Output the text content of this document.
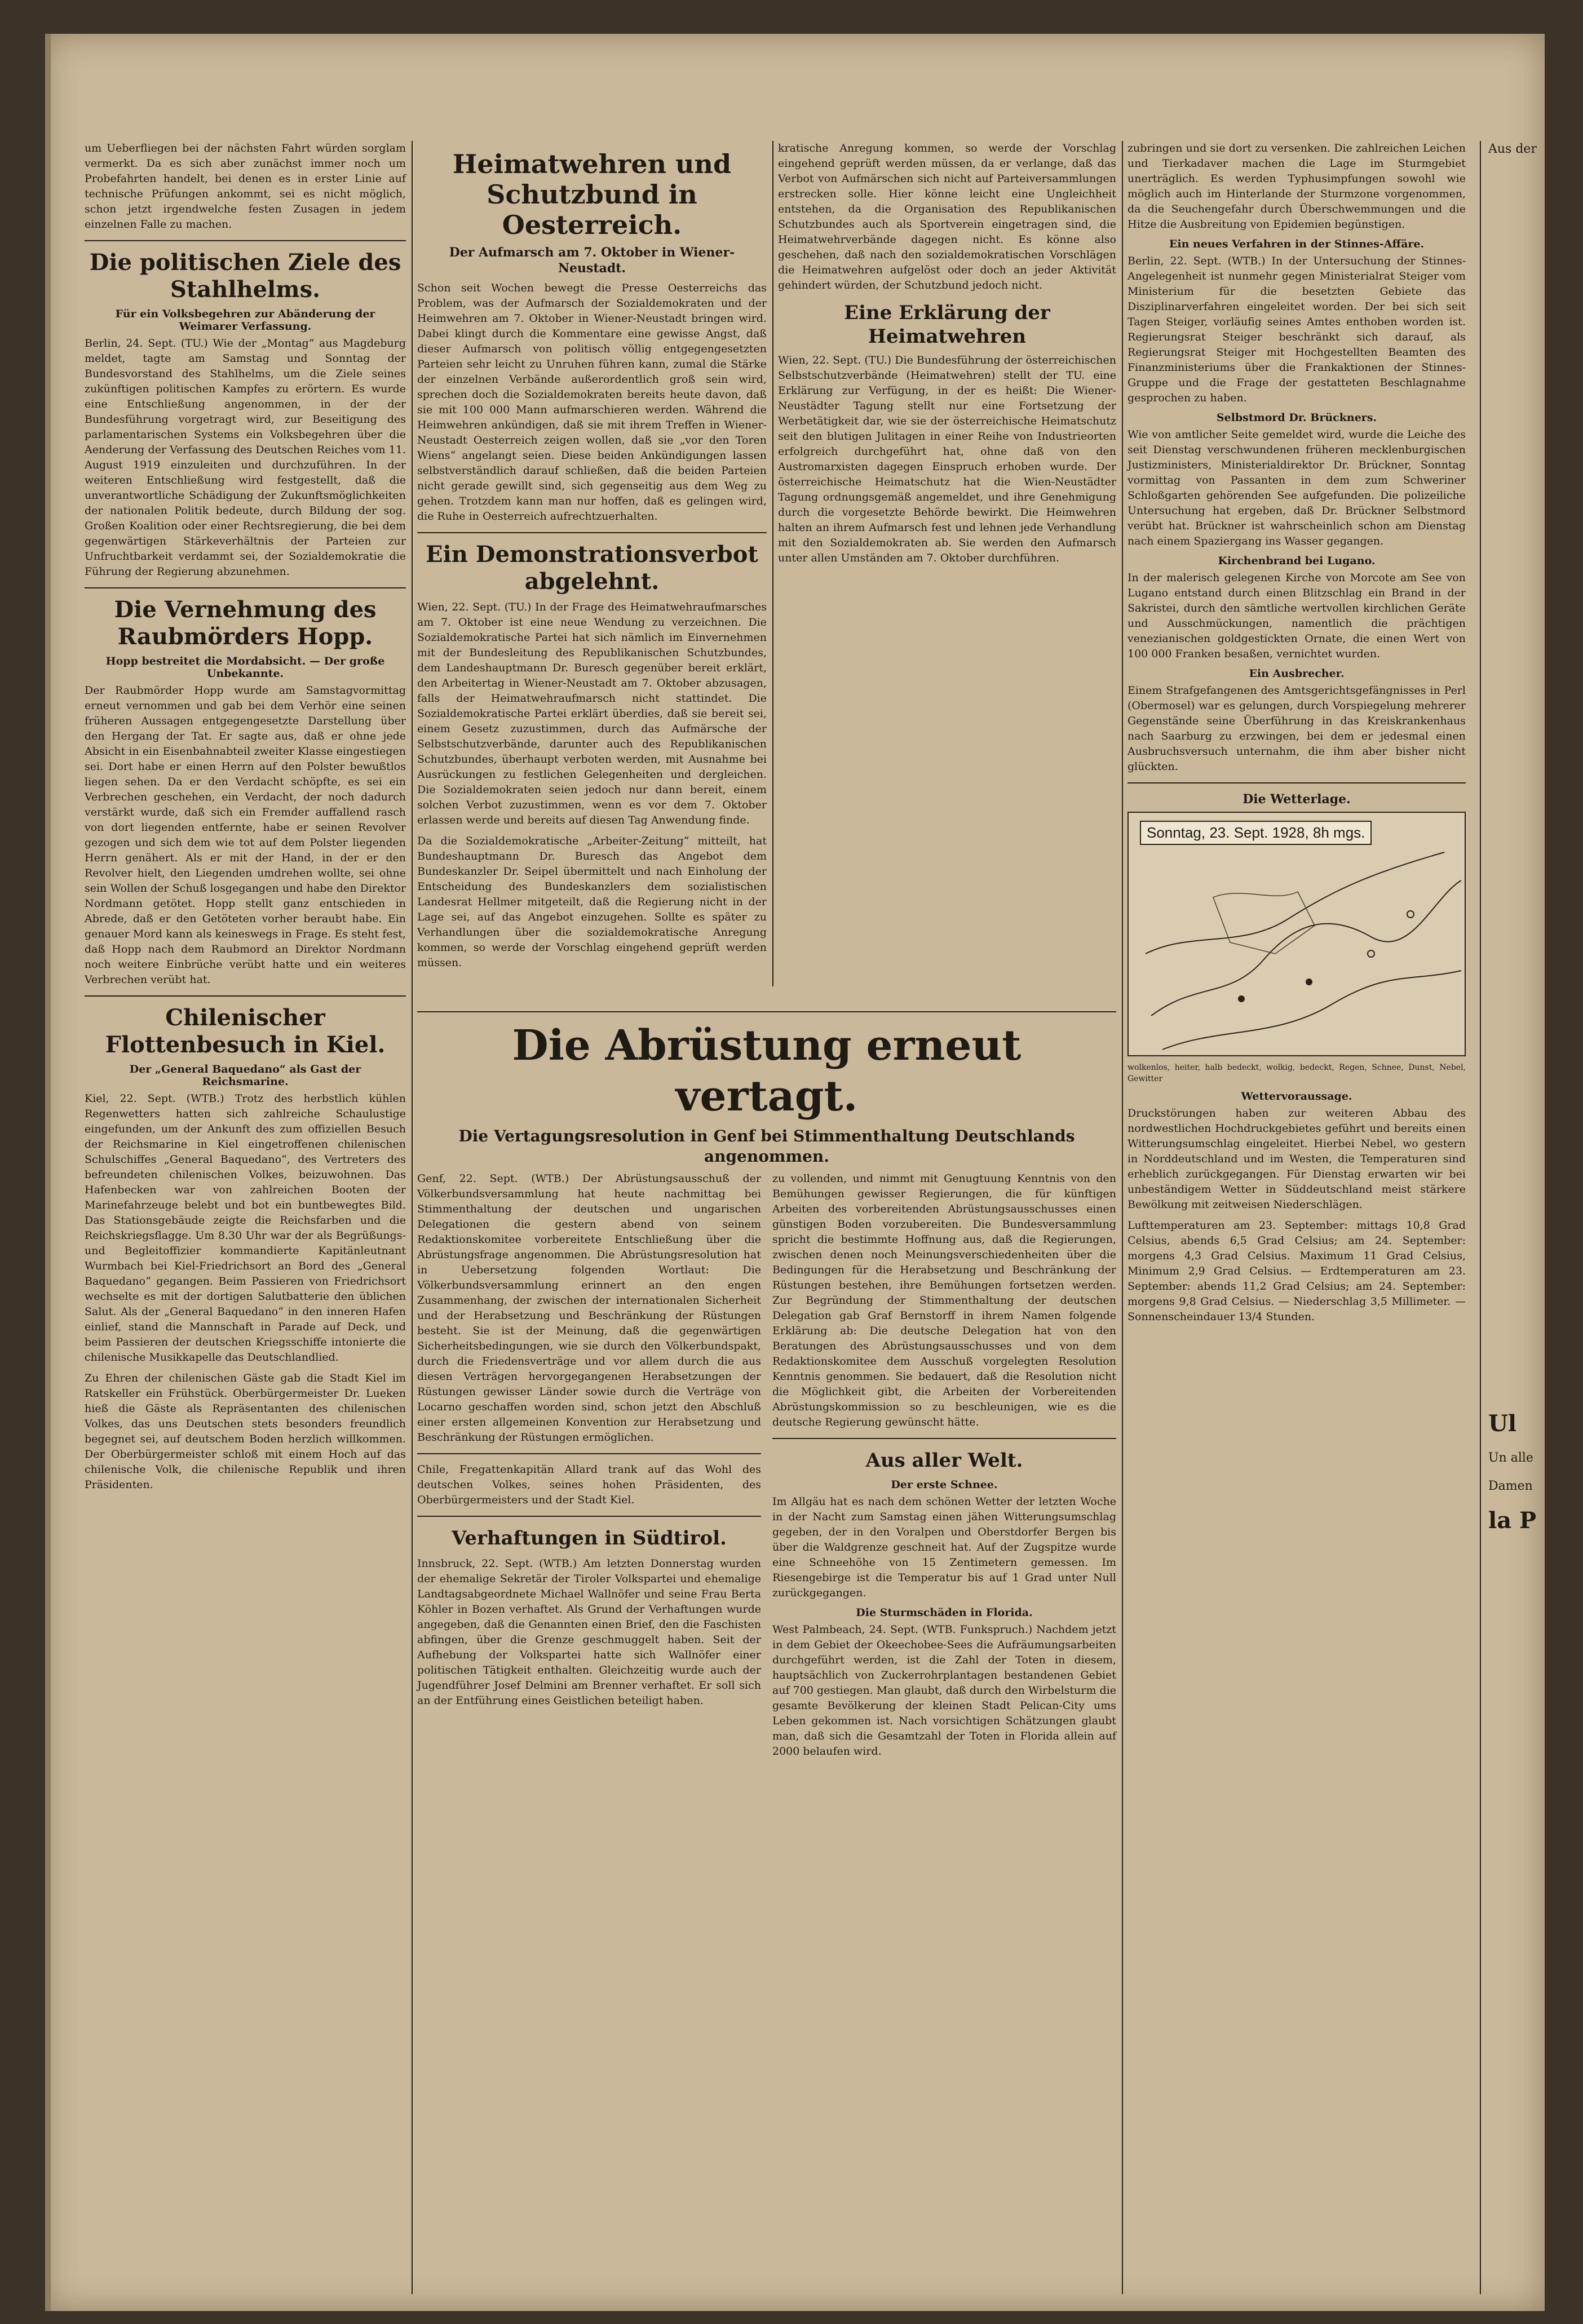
um Ueberfliegen bei der nächsten Fahrt würden sorglam vermerkt. Da es sich aber zunächst immer noch um Probefahrten handelt, bei denen es in erster Linie auf technische Prüfungen ankommt, sei es nicht möglich, schon jetzt irgendwelche festen Zusagen in jedem einzelnen Falle zu machen.

Die politischen Ziele des Stahlhelms.
Für ein Volksbegehren zur Abänderung der Weimarer Verfassung.

Berlin, 24. Sept. (TU.) Wie der „Montag“ aus Magdeburg meldet, tagte am Samstag und Sonntag der Bundesvorstand des Stahlhelms, um die Ziele seines zukünftigen politischen Kampfes zu erörtern. Es wurde eine Entschließung angenommen, in der der Bundesführung vorgetragt wird, zur Beseitigung des parlamentarischen Systems ein Volksbegehren über die Aenderung der Verfassung des Deutschen Reiches vom 11. August 1919 einzuleiten und durchzuführen. In der weiteren Entschließung wird festgestellt, daß die unverantwortliche Schädigung der Zukunftsmöglichkeiten der nationalen Politik bedeute, durch Bildung der sog. Großen Koalition oder einer Rechtsregierung, die bei dem gegenwärtigen Stärkeverhältnis der Parteien zur Unfruchtbarkeit verdammt sei, der Sozialdemokratie die Führung der Regierung abzunehmen.

Die Vernehmung des Raubmörders Hopp.
Hopp bestreitet die Mordabsicht. — Der große Unbekannte.

Der Raubmörder Hopp wurde am Samstagvormittag erneut vernommen und gab bei dem Verhör eine seinen früheren Aussagen entgegengesetzte Darstellung über den Hergang der Tat. Er sagte aus, daß er ohne jede Absicht in ein Eisenbahnabteil zweiter Klasse eingestiegen sei. Dort habe er einen Herrn auf den Polster bewußtlos liegen sehen. Da er den Verdacht schöpfte, es sei ein Verbrechen geschehen, ein Verdacht, der noch dadurch verstärkt wurde, daß sich ein Fremder auffallend rasch von dort liegenden entfernte, habe er seinen Revolver gezogen und sich dem wie tot auf dem Polster liegenden Herrn genähert. Als er mit der Hand, in der er den Revolver hielt, den Liegenden umdrehen wollte, sei ohne sein Wollen der Schuß losgegangen und habe den Direktor Nordmann getötet. Hopp stellt ganz entschieden in Abrede, daß er den Getöteten vorher beraubt habe. Ein genauer Mord kann als keineswegs in Frage. Es steht fest, daß Hopp nach dem Raubmord an Direktor Nordmann noch weitere Einbrüche verübt hatte und ein weiteres Verbrechen verübt hat.

Chilenischer Flottenbesuch in Kiel.
Der „General Baquedano“ als Gast der Reichsmarine.

Kiel, 22. Sept. (WTB.) Trotz des herbstlich kühlen Regenwetters hatten sich zahlreiche Schaulustige eingefunden, um der Ankunft des zum offiziellen Besuch der Reichsmarine in Kiel eingetroffenen chilenischen Schulschiffes „General Baquedano“, des Vertreters des befreundeten chilenischen Volkes, beizuwohnen. Das Hafenbecken war von zahlreichen Booten der Marinefahrzeuge belebt und bot ein buntbewegtes Bild. Das Stationsgebäude zeigte die Reichsfarben und die Reichskriegsflagge. Um 8.30 Uhr war der als Begrüßungs- und Begleitoffizier kommandierte Kapitänleutnant Wurmbach bei Kiel-Friedrichsort an Bord des „General Baquedano“ gegangen. Beim Passieren von Friedrichsort wechselte es mit der dortigen Salutbatterie den üblichen Salut. Als der „General Baquedano“ in den inneren Hafen einlief, stand die Mannschaft in Parade auf Deck, und beim Passieren der deutschen Kriegsschiffe intonierte die chilenische Musikkapelle das Deutschlandlied.

Zu Ehren der chilenischen Gäste gab die Stadt Kiel im Ratskeller ein Frühstück. Oberbürgermeister Dr. Lueken hieß die Gäste als Repräsentanten des chilenischen Volkes, das uns Deutschen stets besonders freundlich begegnet sei, auf deutschem Boden herzlich willkommen. Der Oberbürgermeister schloß mit einem Hoch auf das chilenische Volk, die chilenische Republik und ihren Präsidenten.

Heimatwehren und Schutzbund in Oesterreich.
Der Aufmarsch am 7. Oktober in Wiener-Neustadt.

Schon seit Wochen bewegt die Presse Oesterreichs das Problem, was der Aufmarsch der Sozialdemokraten und der Heimwehren am 7. Oktober in Wiener-Neustadt bringen wird. Dabei klingt durch die Kommentare eine gewisse Angst, daß dieser Aufmarsch von politisch völlig entgegengesetzten Parteien sehr leicht zu Unruhen führen kann, zumal die Stärke der einzelnen Verbände außerordentlich groß sein wird, sprechen doch die Sozialdemokraten bereits heute davon, daß sie mit 100 000 Mann aufmarschieren werden. Während die Heimwehren ankündigen, daß sie mit ihrem Treffen in Wiener-Neustadt Oesterreich zeigen wollen, daß sie „vor den Toren Wiens“ angelangt seien. Diese beiden Ankündigungen lassen selbstverständlich darauf schließen, daß die beiden Parteien nicht gerade gewillt sind, sich gegenseitig aus dem Weg zu gehen. Trotzdem kann man nur hoffen, daß es gelingen wird, die Ruhe in Oesterreich aufrechtzuerhalten.

Ein Demonstrationsverbot abgelehnt.

Wien, 22. Sept. (TU.) In der Frage des Heimatwehraufmarsches am 7. Oktober ist eine neue Wendung zu verzeichnen. Die Sozialdemokratische Partei hat sich nämlich im Einvernehmen mit der Bundesleitung des Republikanischen Schutzbundes, dem Landeshauptmann Dr. Buresch gegenüber bereit erklärt, den Arbeitertag in Wiener-Neustadt am 7. Oktober abzusagen, falls der Heimatwehraufmarsch nicht stattindet. Die Sozialdemokratische Partei erklärt überdies, daß sie bereit sei, einem Gesetz zuzustimmen, durch das Aufmärsche der Selbstschutzverbände, darunter auch des Republikanischen Schutzbundes, überhaupt verboten werden, mit Ausnahme bei Ausrückungen zu festlichen Gelegenheiten und dergleichen. Die Sozialdemokraten seien jedoch nur dann bereit, einem solchen Verbot zuzustimmen, wenn es vor dem 7. Oktober erlassen werde und bereits auf diesen Tag Anwendung finde.

Da die Sozialdemokratische „Arbeiter-Zeitung“ mitteilt, hat Bundeshauptmann Dr. Buresch das Angebot dem Bundeskanzler Dr. Seipel übermittelt und nach Einholung der Entscheidung des Bundeskanzlers dem sozialistischen Landesrat Hellmer mitgeteilt, daß die Regierung nicht in der Lage sei, auf das Angebot einzugehen. Sollte es später zu Verhandlungen über die sozialdemokratische Anregung kommen, so werde der Vorschlag eingehend geprüft werden müssen.

kratische Anregung kommen, so werde der Vorschlag eingehend geprüft werden müssen, da er verlange, daß das Verbot von Aufmärschen sich nicht auf Parteiversammlungen erstrecken solle. Hier könne leicht eine Ungleichheit entstehen, da die Organisation des Republikanischen Schutzbundes auch als Sportverein eingetragen sind, die Heimatwehrverbände dagegen nicht. Es könne also geschehen, daß nach den sozialdemokratischen Vorschlägen die Heimatwehren aufgelöst oder doch an jeder Aktivität gehindert würden, der Schutzbund jedoch nicht.

Eine Erklärung der Heimatwehren

Wien, 22. Sept. (TU.) Die Bundesführung der österreichischen Selbstschutzverbände (Heimatwehren) stellt der TU. eine Erklärung zur Verfügung, in der es heißt: Die Wiener-Neustädter Tagung stellt nur eine Fortsetzung der Werbetätigkeit dar, wie sie der österreichische Heimatschutz seit den blutigen Julitagen in einer Reihe von Industrieorten erfolgreich durchgeführt hat, ohne daß von den Austromarxisten dagegen Einspruch erhoben wurde. Der österreichische Heimatschutz hat die Wien-Neustädter Tagung ordnungsgemäß angemeldet, und ihre Genehmigung durch die vorgesetzte Behörde bewirkt. Die Heimwehren halten an ihrem Aufmarsch fest und lehnen jede Verhandlung mit den Sozialdemokraten ab. Sie werden den Aufmarsch unter allen Umständen am 7. Oktober durchführen.

Die Abrüstung erneut vertagt.
Die Vertagungsresolution in Genf bei Stimmenthaltung Deutschlands angenommen.

Genf, 22. Sept. (WTB.) Der Abrüstungsausschuß der Völkerbundsversammlung hat heute nachmittag bei Stimmenthaltung der deutschen und ungarischen Delegationen die gestern abend von seinem Redaktionskomitee vorbereitete Entschließung über die Abrüstungsfrage angenommen. Die Abrüstungsresolution hat in Uebersetzung folgenden Wortlaut: Die Völkerbundsversammlung erinnert an den engen Zusammenhang, der zwischen der internationalen Sicherheit und der Herabsetzung und Beschränkung der Rüstungen besteht. Sie ist der Meinung, daß die gegenwärtigen Sicherheitsbedingungen, wie sie durch den Völkerbundspakt, durch die Friedensverträge und vor allem durch die aus diesen Verträgen hervorgegangenen Herabsetzungen der Rüstungen gewisser Länder sowie durch die Verträge von Locarno geschaffen worden sind, schon jetzt den Abschluß einer ersten allgemeinen Konvention zur Herabsetzung und Beschränkung der Rüstungen ermöglichen.

Chile, Fregattenkapitän Allard trank auf das Wohl des deutschen Volkes, seines hohen Präsidenten, des Oberbürgermeisters und der Stadt Kiel.

Verhaftungen in Südtirol.

Innsbruck, 22. Sept. (WTB.) Am letzten Donnerstag wurden der ehemalige Sekretär der Tiroler Volkspartei und ehemalige Landtagsabgeordnete Michael Wallnöfer und seine Frau Berta Köhler in Bozen verhaftet. Als Grund der Verhaftungen wurde angegeben, daß die Genannten einen Brief, den die Faschisten abfingen, über die Grenze geschmuggelt haben. Seit der Aufhebung der Volkspartei hatte sich Wallnöfer einer politischen Tätigkeit enthalten. Gleichzeitig wurde auch der Jugendführer Josef Delmini am Brenner verhaftet. Er soll sich an der Entführung eines Geistlichen beteiligt haben.

zu vollenden, und nimmt mit Genugtuung Kenntnis von den Bemühungen gewisser Regierungen, die für künftigen Arbeiten des vorbereitenden Abrüstungsausschusses einen günstigen Boden vorzubereiten. Die Bundesversammlung spricht die bestimmte Hoffnung aus, daß die Regierungen, zwischen denen noch Meinungsverschiedenheiten über die Bedingungen für die Herabsetzung und Beschränkung der Rüstungen bestehen, ihre Bemühungen fortsetzen werden. Zur Begründung der Stimmenthaltung der deutschen Delegation gab Graf Bernstorff in ihrem Namen folgende Erklärung ab: Die deutsche Delegation hat von den Beratungen des Abrüstungsausschusses und von dem Redaktionskomitee dem Ausschuß vorgelegten Resolution Kenntnis genommen. Sie bedauert, daß die Resolution nicht die Möglichkeit gibt, die Arbeiten der Vorbereitenden Abrüstungskommission so zu beschleunigen, wie es die deutsche Regierung gewünscht hätte.

Aus aller Welt.
Der erste Schnee.

Im Allgäu hat es nach dem schönen Wetter der letzten Woche in der Nacht zum Samstag einen jähen Witterungsumschlag gegeben, der in den Voralpen und Oberstdorfer Bergen bis über die Waldgrenze geschneit hat. Auf der Zugspitze wurde eine Schneehöhe von 15 Zentimetern gemessen. Im Riesengebirge ist die Temperatur bis auf 1 Grad unter Null zurückgegangen.

Die Sturmschäden in Florida.

West Palmbeach, 24. Sept. (WTB. Funkspruch.) Nachdem jetzt in dem Gebiet der Okeechobee-Sees die Aufräumungsarbeiten durchgeführt werden, ist die Zahl der Toten in diesem, hauptsächlich von Zuckerrohrplantagen bestandenen Gebiet auf 700 gestiegen. Man glaubt, daß durch den Wirbelsturm die gesamte Bevölkerung der kleinen Stadt Pelican-City ums Leben gekommen ist. Nach vorsichtigen Schätzungen glaubt man, daß sich die Gesamtzahl der Toten in Florida allein auf 2000 belaufen wird.

zubringen und sie dort zu versenken. Die zahlreichen Leichen und Tierkadaver machen die Lage im Sturmgebiet unerträglich. Es werden Typhusimpfungen sowohl wie möglich auch im Hinterlande der Sturmzone vorgenommen, da die Seuchengefahr durch Überschwemmungen und die Hitze die Ausbreitung von Epidemien begünstigen.

Ein neues Verfahren in der Stinnes-Affäre.

Berlin, 22. Sept. (WTB.) In der Untersuchung der Stinnes-Angelegenheit ist nunmehr gegen Ministerialrat Steiger vom Ministerium für die besetzten Gebiete das Disziplinarverfahren eingeleitet worden. Der bei sich seit Tagen Steiger, vorläufig seines Amtes enthoben worden ist. Regierungsrat Steiger beschränkt sich darauf, als Regierungsrat Steiger mit Hochgestellten Beamten des Finanzministeriums über die Frankaktionen der Stinnes-Gruppe und die Frage der gestatteten Beschlagnahme gesprochen zu haben.

Selbstmord Dr. Brückners.

Wie von amtlicher Seite gemeldet wird, wurde die Leiche des seit Dienstag verschwundenen früheren mecklenburgischen Justizministers, Ministerialdirektor Dr. Brückner, Sonntag vormittag von Passanten in dem zum Schweriner Schloßgarten gehörenden See aufgefunden. Die polizeiliche Untersuchung hat ergeben, daß Dr. Brückner Selbstmord verübt hat. Brückner ist wahrscheinlich schon am Dienstag nach einem Spaziergang ins Wasser gegangen.

Kirchenbrand bei Lugano.

In der malerisch gelegenen Kirche von Morcote am See von Lugano entstand durch einen Blitzschlag ein Brand in der Sakristei, durch den sämtliche wertvollen kirchlichen Geräte und Ausschmückungen, namentlich die prächtigen venezianischen goldgestickten Ornate, die einen Wert von 100 000 Franken besaßen, vernichtet wurden.

Ein Ausbrecher.

Einem Strafgefangenen des Amtsgerichtsgefängnisses in Perl (Obermosel) war es gelungen, durch Vorspiegelung mehrerer Gegenstände seine Überführung in das Kreiskrankenhaus nach Saarburg zu erzwingen, bei dem er jedesmal einen Ausbruchsversuch unternahm, die ihm aber bisher nicht glückten.

Die Wetterlage.
Sonntag, 23. Sept. 1928, 8h mgs.

wolkenlos, heiter, halb bedeckt, wolkig, bedeckt, Regen, Schnee, Dunst, Nebel, Gewitter

Wettervoraussage.

Druckstörungen haben zur weiteren Abbau des nordwestlichen Hochdruckgebietes geführt und bereits einen Witterungsumschlag eingeleitet. Hierbei Nebel, wo gestern in Norddeutschland und im Westen, die Temperaturen sind erheblich zurückgegangen. Für Dienstag erwarten wir bei unbeständigem Wetter in Süddeutschland meist stärkere Bewölkung mit zeitweisen Niederschlägen.

Lufttemperaturen am 23. September: mittags 10,8 Grad Celsius, abends 6,5 Grad Celsius; am 24. September: morgens 4,3 Grad Celsius. Maximum 11 Grad Celsius, Minimum 2,9 Grad Celsius. — Erdtemperaturen am 23. September: abends 11,2 Grad Celsius; am 24. September: morgens 9,8 Grad Celsius. — Niederschlag 3,5 Millimeter. — Sonnenscheindauer 13/4 Stunden.

Aus der
Ul
Un alle
Damen
la P
